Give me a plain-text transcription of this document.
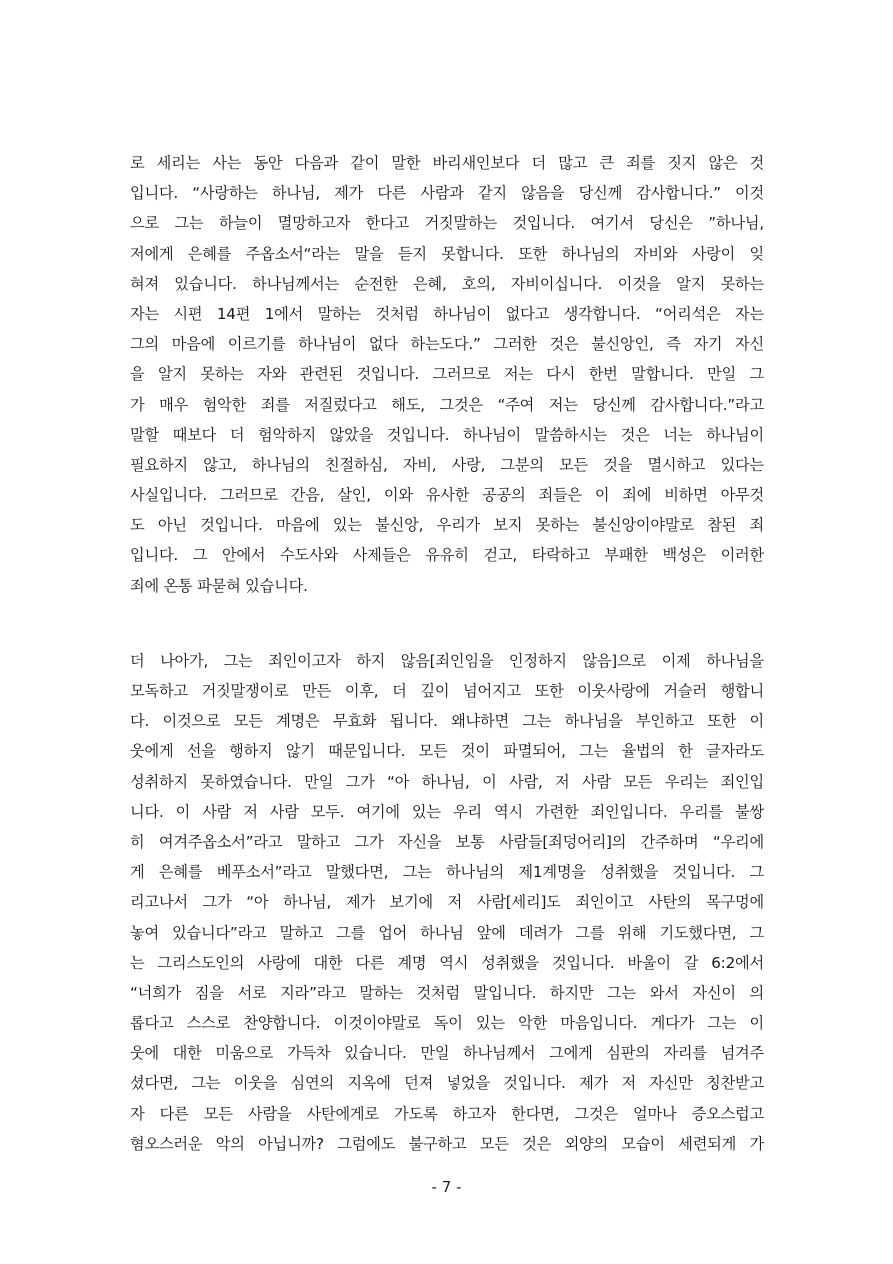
로 세리는 사는 동안 다음과 같이 말한 바리새인보다 더 많고 큰 죄를 짓지 않은 것
입니다. “사랑하는 하나님, 제가 다른 사람과 같지 않음을 당신께 감사합니다.” 이것
으로 그는 하늘이 멸망하고자 한다고 거짓말하는 것입니다. 여기서 당신은 ”하나님,
저에게 은혜를 주옵소서“라는 말을 듣지 못합니다. 또한 하나님의 자비와 사랑이 잊
혀져 있습니다. 하나님께서는 순전한 은혜, 호의, 자비이십니다. 이것을 알지 못하는
자는 시편 14편 1에서 말하는 것처럼 하나님이 없다고 생각합니다. “어리석은 자는
그의 마음에 이르기를 하나님이 없다 하는도다.” 그러한 것은 불신앙인, 즉 자기 자신
을 알지 못하는 자와 관련된 것입니다. 그러므로 저는 다시 한번 말합니다. 만일 그
가 매우 험악한 죄를 저질렀다고 해도, 그것은 “주여 저는 당신께 감사합니다.”라고
말할 때보다 더 험악하지 않았을 것입니다. 하나님이 말씀하시는 것은 너는 하나님이
필요하지 않고, 하나님의 친절하심, 자비, 사랑, 그분의 모든 것을 멸시하고 있다는
사실입니다. 그러므로 간음, 살인, 이와 유사한 공공의 죄들은 이 죄에 비하면 아무것
도 아닌 것입니다. 마음에 있는 불신앙, 우리가 보지 못하는 불신앙이야말로 참된 죄
입니다. 그 안에서 수도사와 사제들은 유유히 걷고, 타락하고 부패한 백성은 이러한
죄에 온통 파묻혀 있습니다.
더 나아가, 그는 죄인이고자 하지 않음[죄인임을 인정하지 않음]으로 이제 하나님을
모독하고 거짓말쟁이로 만든 이후, 더 깊이 넘어지고 또한 이웃사랑에 거슬러 행합니
다. 이것으로 모든 계명은 무효화 됩니다. 왜냐하면 그는 하나님을 부인하고 또한 이
웃에게 선을 행하지 않기 때문입니다. 모든 것이 파멸되어, 그는 율법의 한 글자라도
성취하지 못하였습니다. 만일 그가 “아 하나님, 이 사람, 저 사람 모든 우리는 죄인입
니다. 이 사람 저 사람 모두. 여기에 있는 우리 역시 가련한 죄인입니다. 우리를 불쌍
히 여겨주옵소서”라고 말하고 그가 자신을 보통 사람들[죄덩어리]의 간주하며 “우리에
게 은혜를 베푸소서”라고 말했다면, 그는 하나님의 제1계명을 성취했을 것입니다. 그
리고나서 그가 “아 하나님, 제가 보기에 저 사람[세리]도 죄인이고 사탄의 목구멍에
놓여 있습니다”라고 말하고 그를 업어 하나님 앞에 데려가 그를 위해 기도했다면, 그
는 그리스도인의 사랑에 대한 다른 계명 역시 성취했을 것입니다. 바울이 갈 6:2에서
“너희가 짐을 서로 지라”라고 말하는 것처럼 말입니다. 하지만 그는 와서 자신이 의
롭다고 스스로 찬양합니다. 이것이야말로 독이 있는 악한 마음입니다. 게다가 그는 이
웃에 대한 미움으로 가득차 있습니다. 만일 하나님께서 그에게 심판의 자리를 넘겨주
셨다면, 그는 이웃을 심연의 지옥에 던져 넣었을 것입니다. 제가 저 자신만 칭찬받고
자 다른 모든 사람을 사탄에게로 가도록 하고자 한다면, 그것은 얼마나 증오스럽고
혐오스러운 악의 아닙니까? 그럼에도 불구하고 모든 것은 외양의 모습이 세련되게 가
- 7 -
